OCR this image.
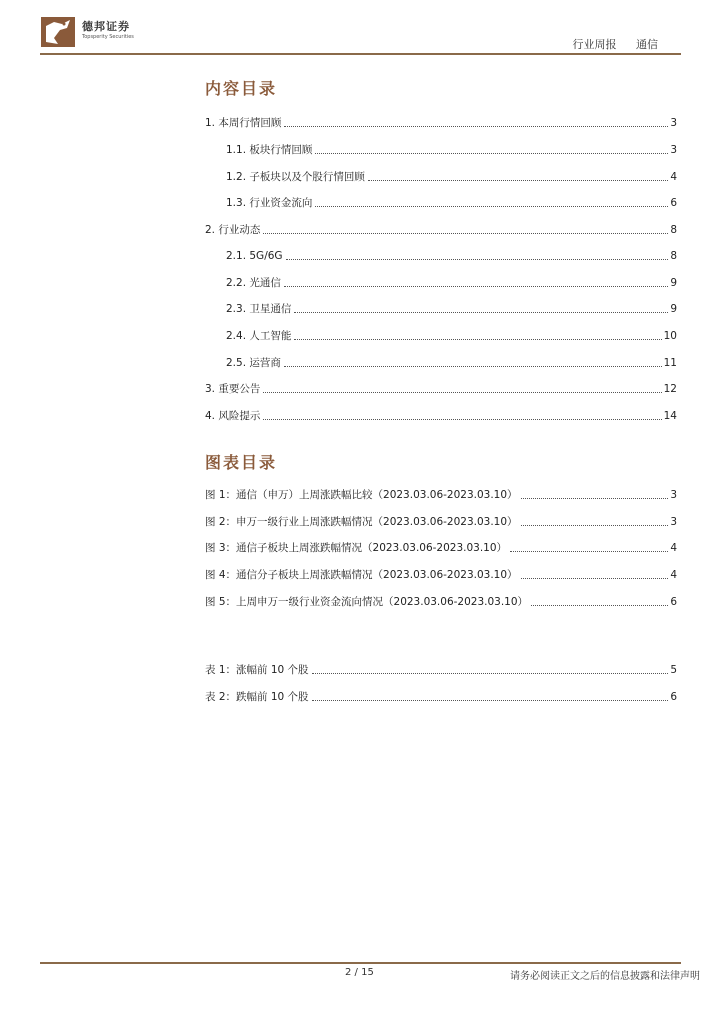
德邦证券
Topsperity Securities
行业周报 通信
内容目录
1. 本周行情回顾	3
1.1. 板块行情回顾	3
1.2. 子板块以及个股行情回顾	4
1.3. 行业资金流向	6
2. 行业动态	8
2.1. 5G/6G	8
2.2. 光通信	9
2.3. 卫星通信	9
2.4. 人工智能	10
2.5. 运营商	11
3. 重要公告	12
4. 风险提示	14
图表目录
图 1：通信（申万）上周涨跌幅比较（2023.03.06-2023.03.10）	3
图 2：申万一级行业上周涨跌幅情况（2023.03.06-2023.03.10）	3
图 3：通信子板块上周涨跌幅情况（2023.03.06-2023.03.10）	4
图 4：通信分子板块上周涨跌幅情况（2023.03.06-2023.03.10）	4
图 5：上周申万一级行业资金流向情况（2023.03.06-2023.03.10）	6
表 1：涨幅前 10 个股	5
表 2：跌幅前 10 个股	6
2 / 15	请务必阅读正文之后的信息披露和法律声明
